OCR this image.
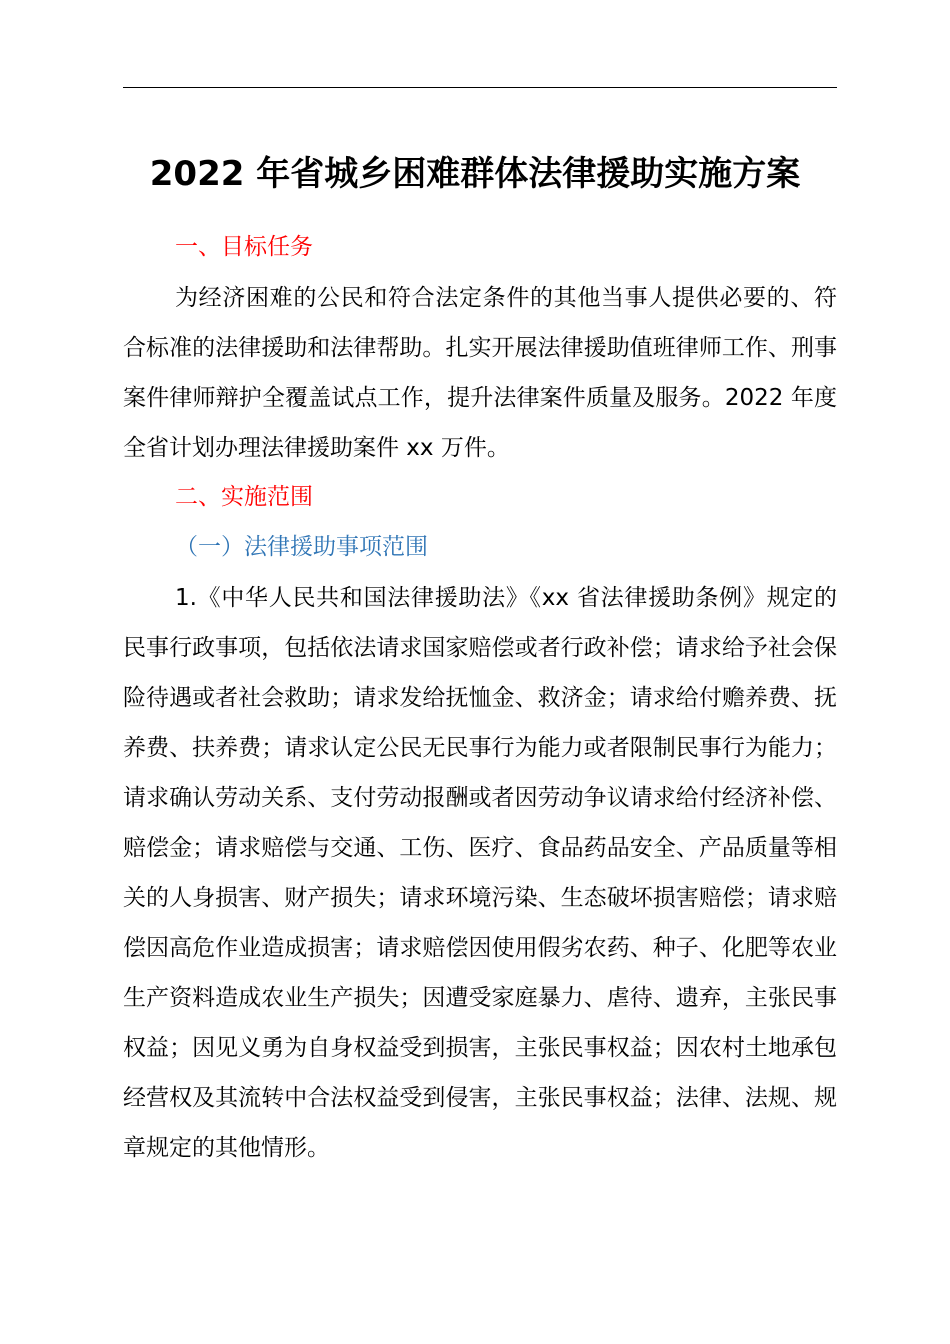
2022 年省城乡困难群体法律援助实施方案
一、目标任务

为经济困难的公民和符合法定条件的其他当事人提供必要的、符合标准的法律援助和法律帮助。扎实开展法律援助值班律师工作、刑事案件律师辩护全覆盖试点工作，提升法律案件质量及服务。2022 年度全省计划办理法律援助案件 xx 万件。

二、实施范围
（一）法律援助事项范围

1.《中华人民共和国法律援助法》《xx 省法律援助条例》规定的民事行政事项，包括依法请求国家赔偿或者行政补偿；请求给予社会保险待遇或者社会救助；请求发给抚恤金、救济金；请求给付赡养费、抚养费、扶养费；请求认定公民无民事行为能力或者限制民事行为能力；请求确认劳动关系、支付劳动报酬或者因劳动争议请求给付经济补偿、赔偿金；请求赔偿与交通、工伤、医疗、食品药品安全、产品质量等相关的人身损害、财产损失；请求环境污染、生态破坏损害赔偿；请求赔偿因高危作业造成损害；请求赔偿因使用假劣农药、种子、化肥等农业生产资料造成农业生产损失；因遭受家庭暴力、虐待、遗弃，主张民事权益；因见义勇为自身权益受到损害，主张民事权益；因农村土地承包经营权及其流转中合法权益受到侵害，主张民事权益；法律、法规、规章规定的其他情形。
